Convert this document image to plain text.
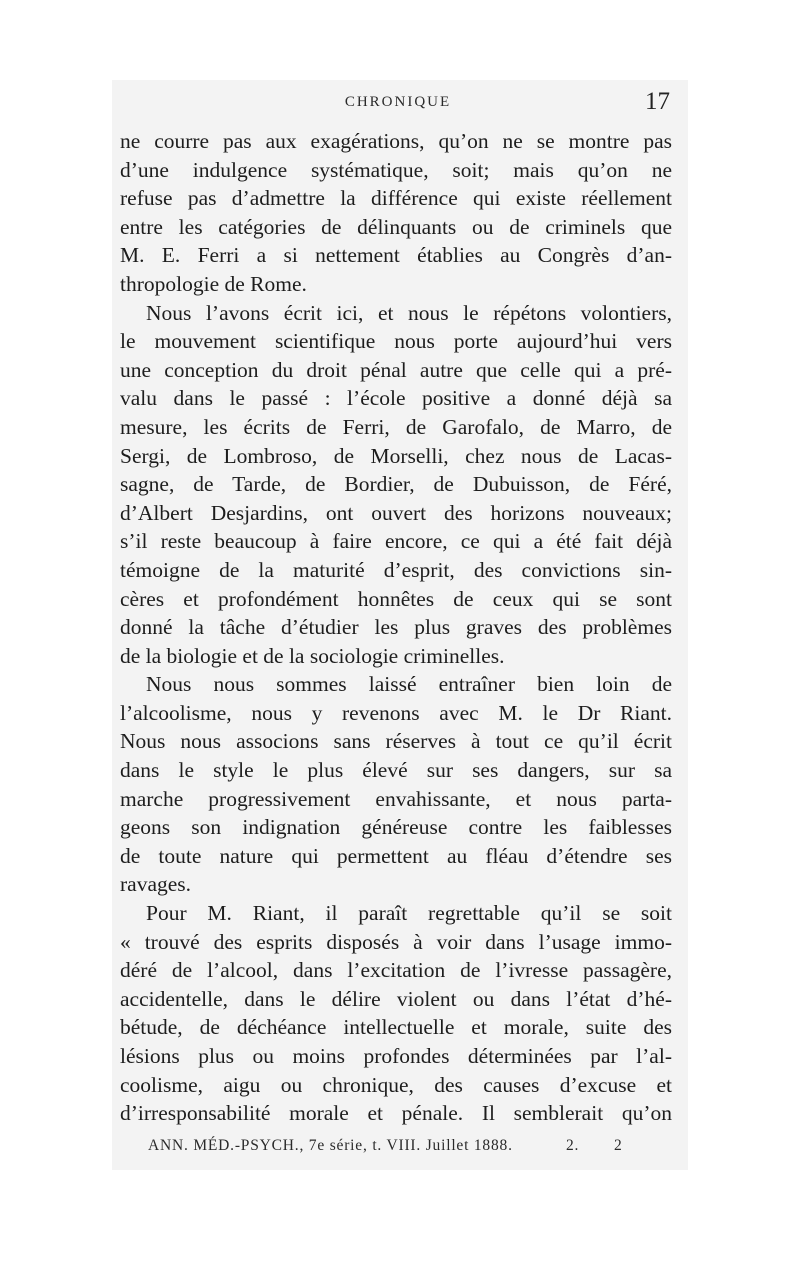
CHRONIQUE	17
ne courre pas aux exagérations, qu’on ne se montre pas
d’une indulgence systématique, soit; mais qu’on ne
refuse pas d’admettre la différence qui existe réellement
entre les catégories de délinquants ou de criminels que
M. E. Ferri a si nettement établies au Congrès d’an-
thropologie de Rome.
Nous l’avons écrit ici, et nous le répétons volontiers,
le mouvement scientifique nous porte aujourd’hui vers
une conception du droit pénal autre que celle qui a pré-
valu dans le passé : l’école positive a donné déjà sa
mesure, les écrits de Ferri, de Garofalo, de Marro, de
Sergi, de Lombroso, de Morselli, chez nous de Lacas-
sagne, de Tarde, de Bordier, de Dubuisson, de Féré,
d’Albert Desjardins, ont ouvert des horizons nouveaux;
s’il reste beaucoup à faire encore, ce qui a été fait déjà
témoigne de la maturité d’esprit, des convictions sin-
cères et profondément honnêtes de ceux qui se sont
donné la tâche d’étudier les plus graves des problèmes
de la biologie et de la sociologie criminelles.
Nous nous sommes laissé entraîner bien loin de
l’alcoolisme, nous y revenons avec M. le Dr Riant.
Nous nous associons sans réserves à tout ce qu’il écrit
dans le style le plus élevé sur ses dangers, sur sa
marche progressivement envahissante, et nous parta-
geons son indignation généreuse contre les faiblesses
de toute nature qui permettent au fléau d’étendre ses
ravages.
Pour M. Riant, il paraît regrettable qu’il se soit
« trouvé des esprits disposés à voir dans l’usage immo-
déré de l’alcool, dans l’excitation de l’ivresse passagère,
accidentelle, dans le délire violent ou dans l’état d’hé-
bétude, de déchéance intellectuelle et morale, suite des
lésions plus ou moins profondes déterminées par l’al-
coolisme, aigu ou chronique, des causes d’excuse et
d’irresponsabilité morale et pénale. Il semblerait qu’on
ANN. MÉD.-PSYCH., 7e série, t. VIII. Juillet 1888.	2. 2
